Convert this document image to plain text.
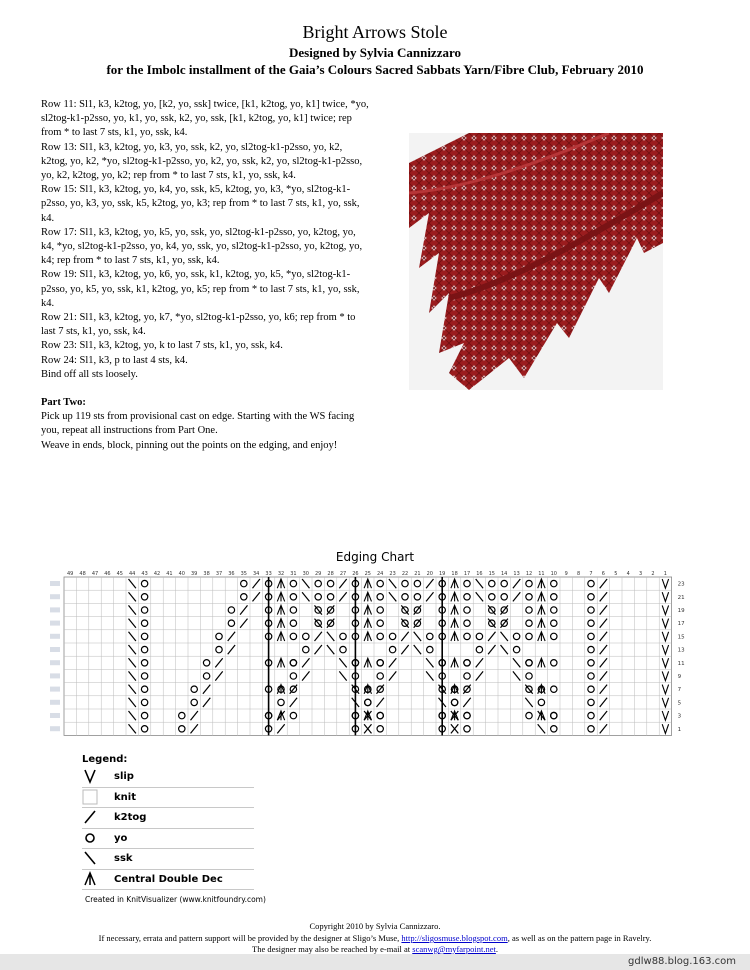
Bright Arrows Stole
Designed by Sylvia Cannizzaro
for the Imbolc installment of the Gaia’s Colours Sacred Sabbats Yarn/Fibre Club, February 2010

Row 11: Sl1, k3, k2tog, yo, [k2, yo, ssk] twice, [k1, k2tog, yo, k1] twice, *yo, sl2tog-k1-p2sso, yo, k1, yo, ssk, k2, yo, ssk, [k1, k2tog, yo, k1] twice; rep from * to last 7 sts, k1, yo, ssk, k4.

Row 13: Sl1, k3, k2tog, yo, k3, yo, ssk, k2, yo, sl2tog-k1-p2sso, yo, k2, k2tog, yo, k2, *yo, sl2tog-k1-p2sso, yo, k2, yo, ssk, k2, yo, sl2tog-k1-p2sso, yo, k2, k2tog, yo, k2; rep from * to last 7 sts, k1, yo, ssk, k4.

Row 15: Sl1, k3, k2tog, yo, k4, yo, ssk, k5, k2tog, yo, k3, *yo, sl2tog-k1-p2sso, yo, k3, yo, ssk, k5, k2tog, yo, k3; rep from * to last 7 sts, k1, yo, ssk, k4.

Row 17: Sl1, k3, k2tog, yo, k5, yo, ssk, yo, sl2tog-k1-p2sso, yo, k2tog, yo, k4, *yo, sl2tog-k1-p2sso, yo, k4, yo, ssk, yo, sl2tog-k1-p2sso, yo, k2tog, yo, k4; rep from * to last 7 sts, k1, yo, ssk, k4.

Row 19: Sl1, k3, k2tog, yo, k6, yo, ssk, k1, k2tog, yo, k5, *yo, sl2tog-k1-p2sso, yo, k5, yo, ssk, k1, k2tog, yo, k5; rep from * to last 7 sts, k1, yo, ssk, k4.

Row 21: Sl1, k3, k2tog, yo, k7, *yo, sl2tog-k1-p2sso, yo, k6; rep from * to last 7 sts, k1, yo, ssk, k4.

Row 23: Sl1, k3, k2tog, yo, k to last 7 sts, k1, yo, ssk, k4.

Row 24: Sl1, k3, p to last 4 sts, k4.

Bind off all sts loosely.

Part Two:

Pick up 119 sts from provisional cast on edge. Starting with the WS facing you, repeat all instructions from Part One.

Weave in ends, block, pinning out the points on the edging, and enjoy!

Edging Chart
49 48 47 46 45 44 43 42 41 40 39 38 37 36 35 34 33 32 31 30 29 28 27 26 25 24 23 22 21 20 19 18 17 16 15 14 13 12 11 10 9 8 7 6 5 4 3 2 1
23
21
19
17
15
13
11
9
7
5
3
1
Legend:
slip
knit
k2tog
yo
ssk
Central Double Dec
Created in KnitVisualizer (www.knitfoundry.com)
Copyright 2010 by Sylvia Cannizzaro.
If necessary, errata and pattern support will be provided by the designer at Sligo’s Muse, http://sligosmuse.blogspot.com, as well as on the pattern page in Ravelry.
The designer may also be reached by e-mail at scanwg@myfarpoint.net.
gdlw88.blog.163.com
